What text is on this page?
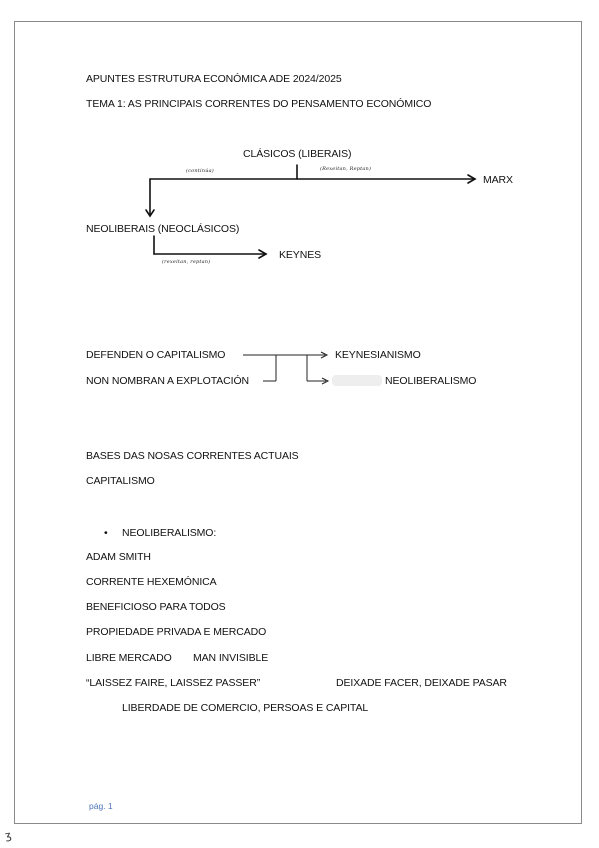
APUNTES ESTRUTURA ECONÓMICA ADE 2024/2025
TEMA 1: AS PRINCIPAIS CORRENTES DO PENSAMENTO ECONÓMICO
CLÁSICOS (LIBERAIS)
(continúa)	(Rexeitan, Reptan)
MARX
NEOLIBERAIS (NEOCLÁSICOS)
(rexeitan, reptan)
KEYNES
DEFENDEN O CAPITALISMO
NON NOMBRAN A EXPLOTACIÓN
KEYNESIANISMO
NEOLIBERALISMO
BASES DAS NOSAS CORRENTES ACTUAIS
CAPITALISMO
• NEOLIBERALISMO:
ADAM SMITH
CORRENTE HEXEMÓNICA
BENEFICIOSO PARA TODOS
PROPIEDADE PRIVADA E MERCADO
LIBRE MERCADO MAN INVISIBLE
“LAISSEZ FAIRE, LAISSEZ PASSER”	DEIXADE FACER, DEIXADE PASAR
LIBERDADE DE COMERCIO, PERSOAS E CAPITAL
pág. 1
ʒ
